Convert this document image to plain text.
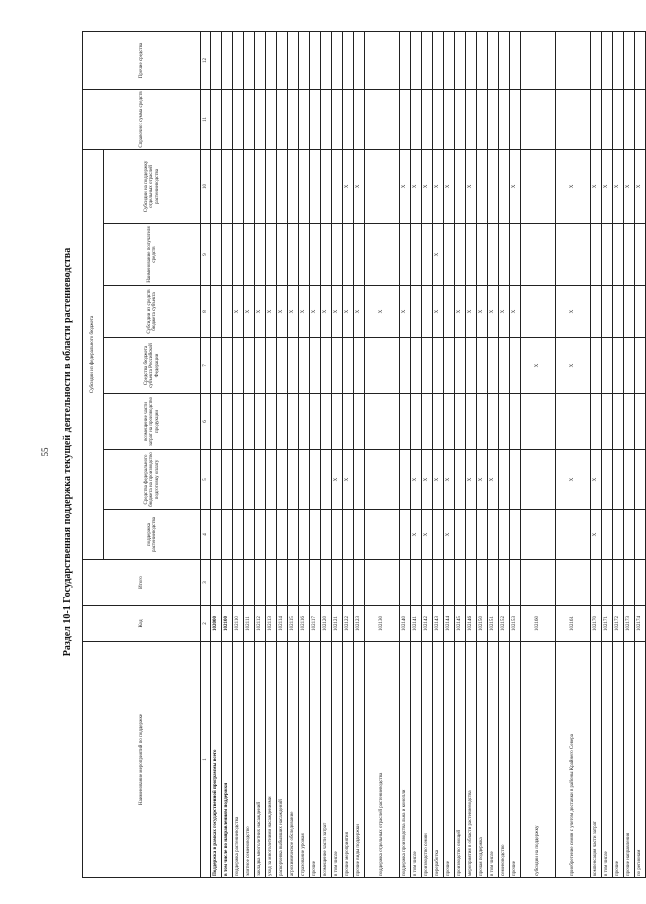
55 Раздел 10-1 Государственная поддержка текущей деятельности в области растениеводства
Наименование мероприятий по поддержке	Код	Итого	Субсидии из федерального бюджета							Справочно: сумма средств	Прочие средства
			поддержка растениеводства	Средства федерального бюджета на производство подготовку оплату	возмещение части затрат на производство продукции	Средства бюджета субъекта Российской Федерации	Субсидии из средств бюджета субъекта	Наименование получателя средств	Субсидии на поддержку отдельных отраслей растениеводства		
1	2	3	4	5	6	7	8	9	10	11	12
Поддержка в рамках государственной программы всего	102000										
в том числе по направлениям поддержки	102100										
поддержка растениеводства	102110						X				
элитное семеноводство	102111						X				
закладка многолетних насаждений	102112						X				
уход за многолетними насаждениями	102113						X				
раскорчевка выбывших насаждений	102114						X				
агрохимическое обследование	102115						X				
страхование урожая	102116						X				
прочие	102117						X				
возмещение части затрат	102120						X				
в том числе	102121			X			X				
прочие мероприятия	102122			X			X		X		
прочие виды поддержки	102123						X		X		
поддержка отдельных отраслей растениеводства	102130						X				
поддержка производства льна и конопли	102140						X		X		
в том числе	102141		X	X					X		
производство семян	102142		X	X					X		
переработка	102143			X			X	X	X		
прочие	102144		X	X					X		
производство овощей	102145						X				
мероприятия в области растениеводства	102146			X			X		X		
прочая поддержка	102150			X			X				
в том числе	102151			X			X				
семеноводство	102152						X				
прочие	102153						X		X		
субсидии на поддержку	102160					X					
приобретение семян с учетом доставки в районы Крайнего Севера	102161			X		X	X		X		
компенсация части затрат	102170		X	X					X		
в том числе	102171								X		
прочие	102172								X		
прочие направления	102173								X		
по регионам	102174								X		
